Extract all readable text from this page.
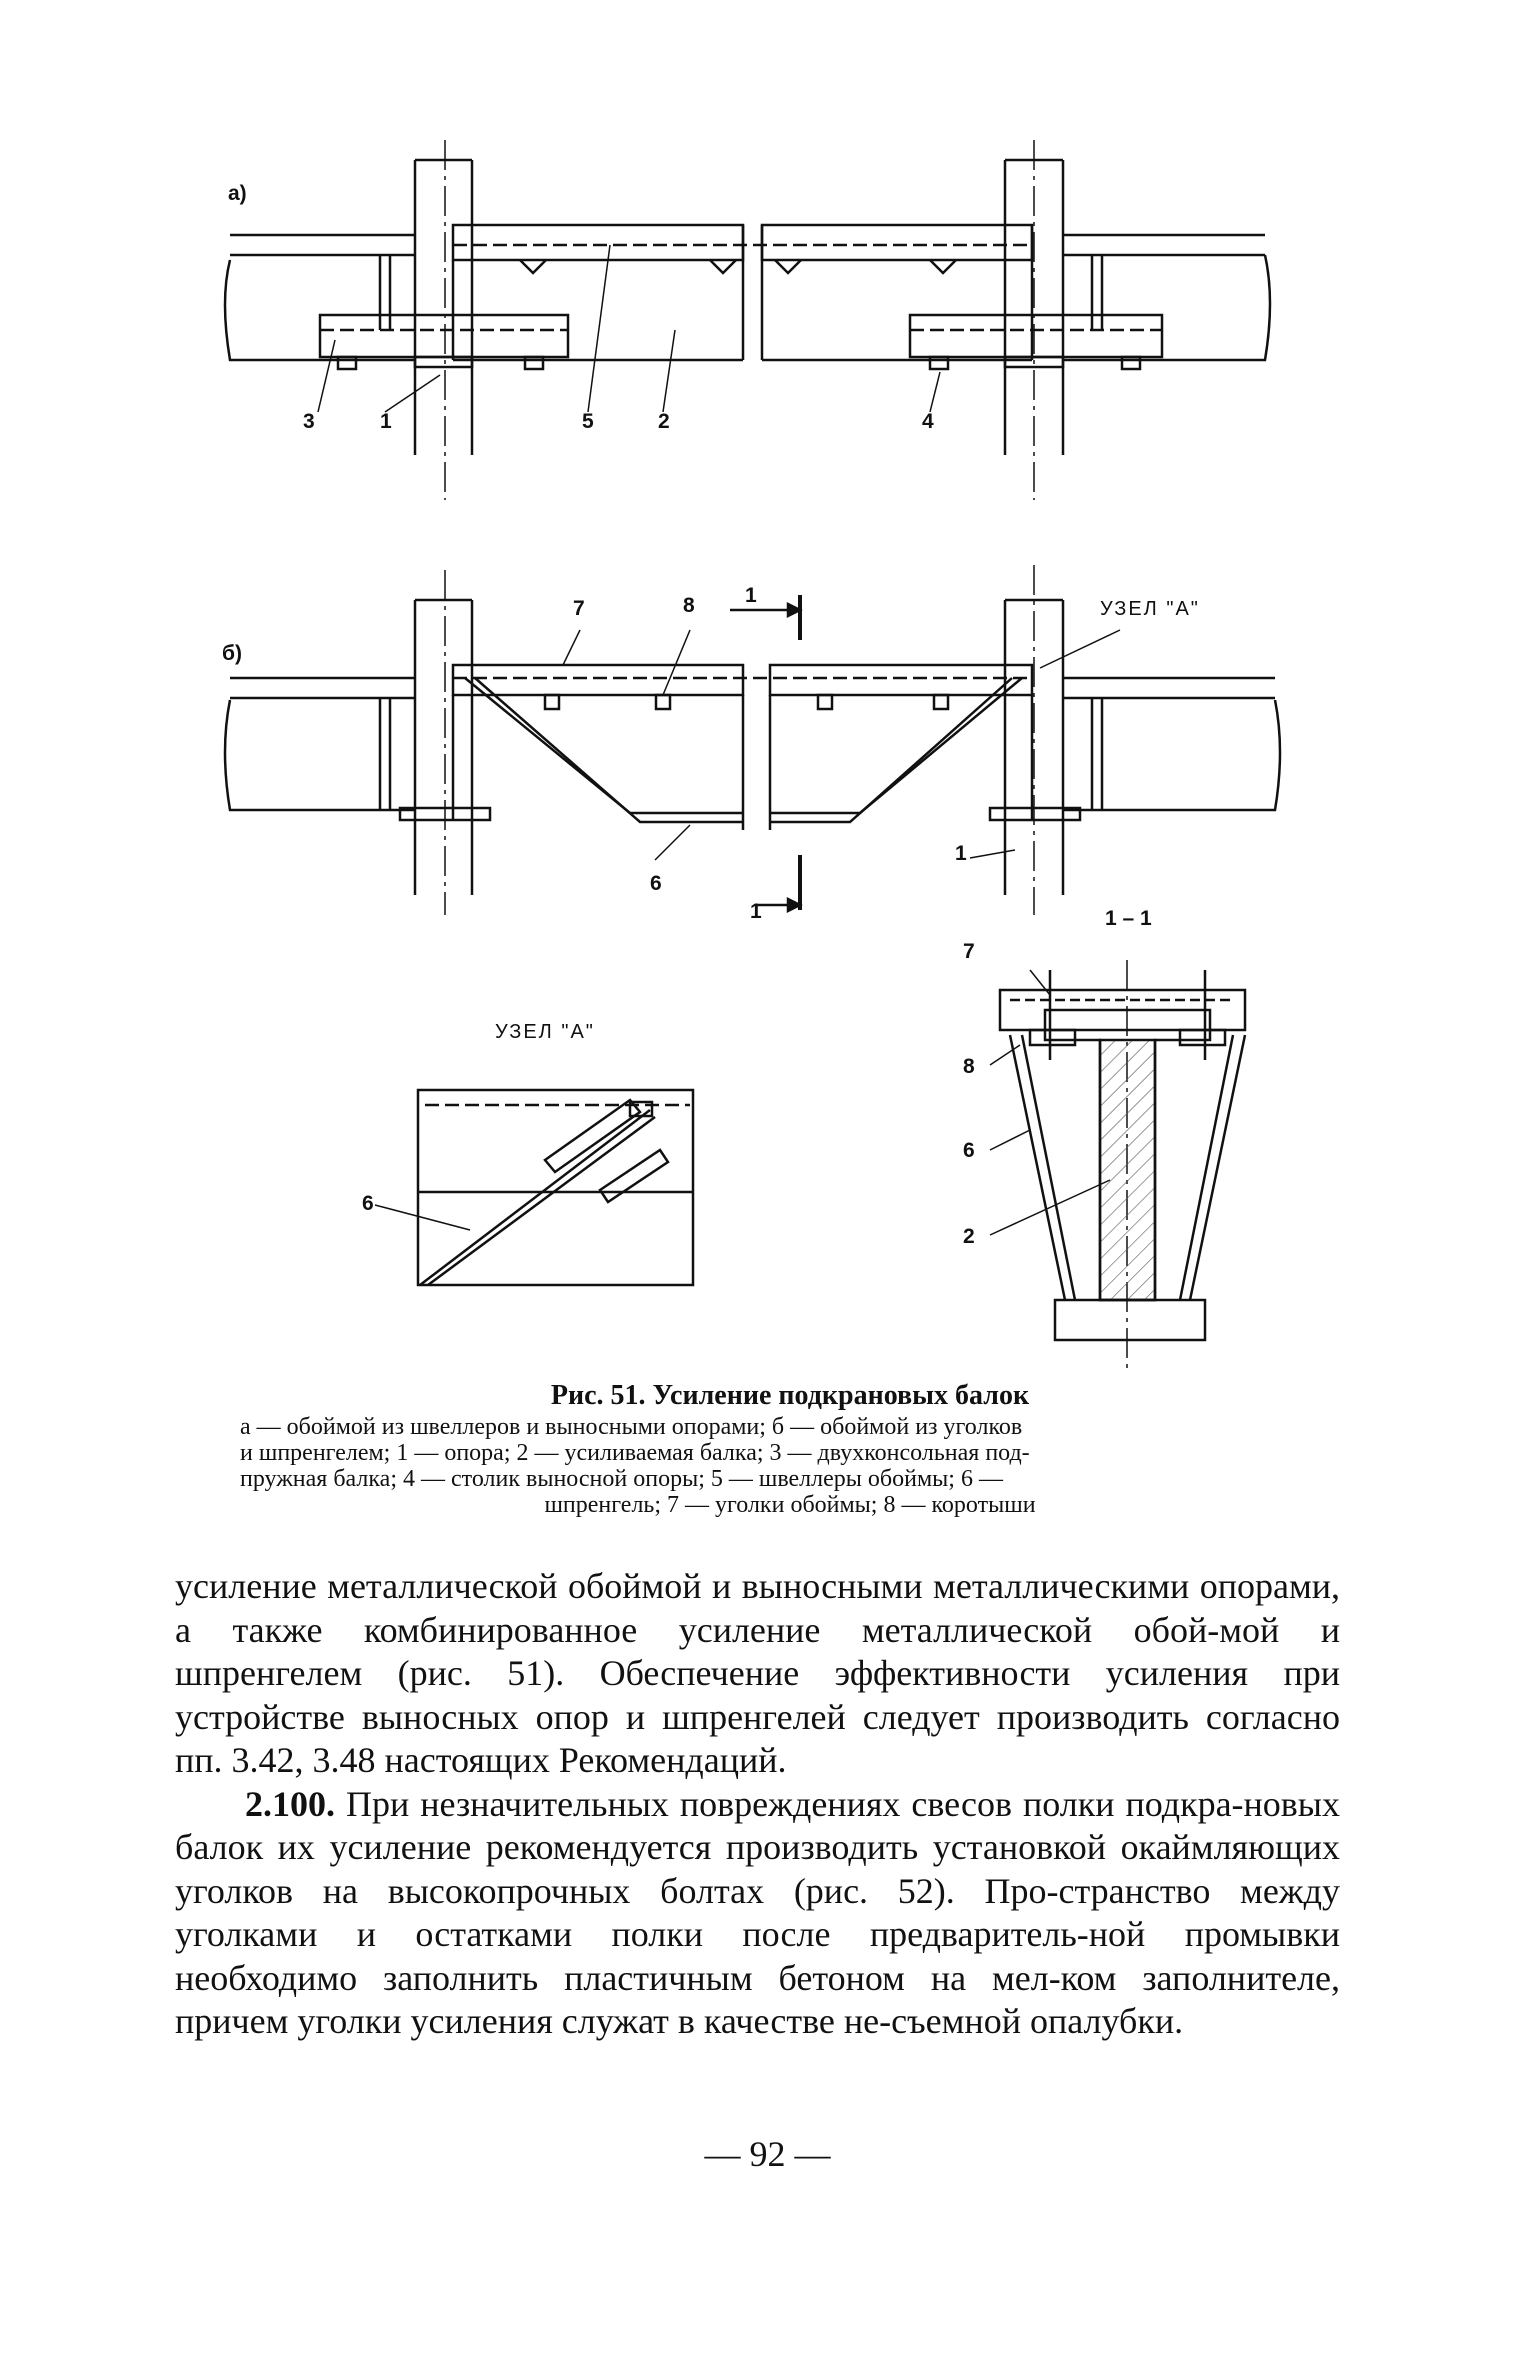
а)
3	1	5	2	4
б)
7	8 1
6
1
1
УЗЕЛ "А"
1 – 1
УЗЕЛ "А"
6
7
8
6
2
Рис. 51. Усиление подкрановых балок
а — обоймой из швеллеров и выносными опорами; б — обоймой из уголков
и шпренгелем; 1 — опора; 2 — усиливаемая балка; 3 — двухконсольная под-
пружная балка; 4 — столик выносной опоры; 5 — швеллеры обоймы; 6 —
шпренгель; 7 — уголки обоймы; 8 — коротыши

усиление металлической обоймой и выносными металлическими опорами, а также комбинированное усиление металлической обой-мой и шпренгелем (рис. 51). Обеспечение эффективности усиления при устройстве выносных опор и шпренгелей следует производить согласно пп. 3.42, 3.48 настоящих Рекомендаций.

2.100. При незначительных повреждениях свесов полки подкра-новых балок их усиление рекомендуется производить установкой окаймляющих уголков на высокопрочных болтах (рис. 52). Про-странство между уголками и остатками полки после предваритель-ной промывки необходимо заполнить пластичным бетоном на мел-ком заполнителе, причем уголки усиления служат в качестве не-съемной опалубки.

— 92 —
